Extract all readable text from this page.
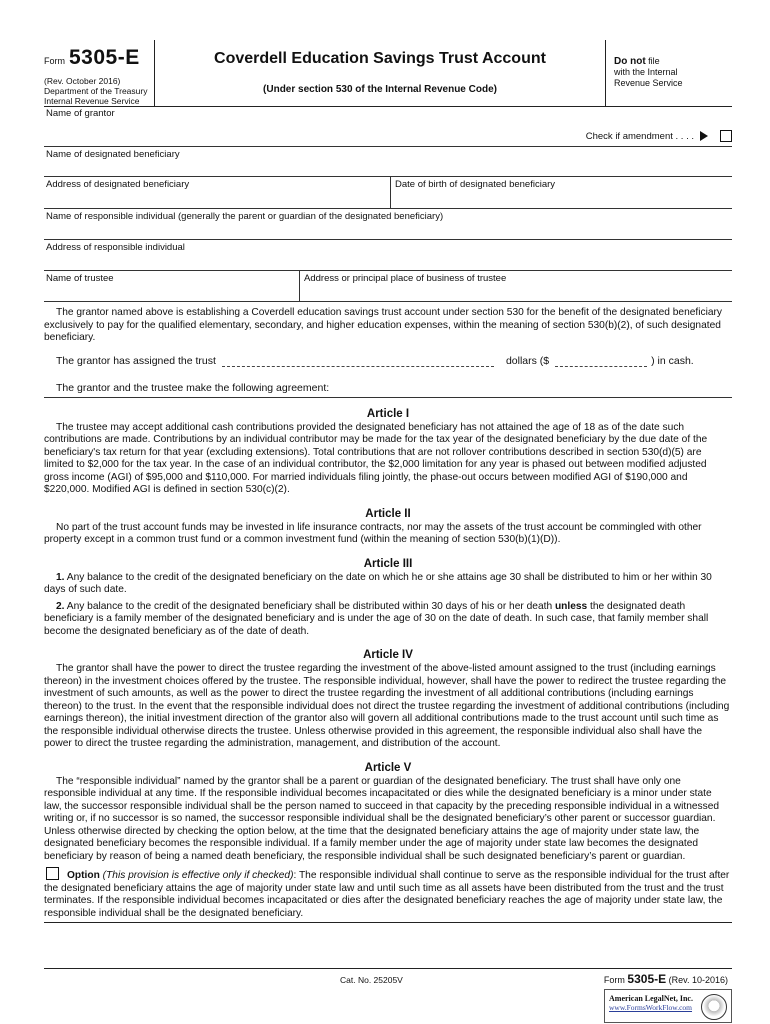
Form 5305-E
(Rev. October 2016)
Department of the Treasury
Internal Revenue Service
Coverdell Education Savings Trust Account
(Under section 530 of the Internal Revenue Code)
Do not file
with the Internal
Revenue Service
Name of grantor
Check if amendment . . . .
Name of designated beneficiary
Address of designated beneficiary	Date of birth of designated beneficiary
Name of responsible individual (generally the parent or guardian of the designated beneficiary)
Address of responsible individual
Name of trustee	Address or principal place of business of trustee

The grantor named above is establishing a Coverdell education savings trust account under section 530 for the benefit of the designated beneficiary exclusively to pay for the qualified elementary, secondary, and higher education expenses, within the meaning of section 530(b)(2), of such designated beneficiary.

The grantor has assigned the trust	dollars ($	) in cash.
The grantor and the trustee make the following agreement:
Article I

The trustee may accept additional cash contributions provided the designated beneficiary has not attained the age of 18 as of the date such contributions are made. Contributions by an individual contributor may be made for the tax year of the designated beneficiary by the due date of the beneficiary's tax return for that year (excluding extensions). Total contributions that are not rollover contributions described in section 530(d)(5) are limited to $2,000 for the tax year. In the case of an individual contributor, the $2,000 limitation for any year is phased out between modified adjusted gross income (AGI) of $95,000 and $110,000. For married individuals filing jointly, the phase-out occurs between modified AGI of $190,000 and $220,000. Modified AGI is defined in section 530(c)(2).

Article II

No part of the trust account funds may be invested in life insurance contracts, nor may the assets of the trust account be commingled with other property except in a common trust fund or a common investment fund (within the meaning of section 530(b)(1)(D)).

Article III

1. Any balance to the credit of the designated beneficiary on the date on which he or she attains age 30 shall be distributed to him or her within 30 days of such date.

2. Any balance to the credit of the designated beneficiary shall be distributed within 30 days of his or her death unless the designated death beneficiary is a family member of the designated beneficiary and is under the age of 30 on the date of death. In such case, that family member shall become the designated beneficiary as of the date of death.

Article IV

The grantor shall have the power to direct the trustee regarding the investment of the above-listed amount assigned to the trust (including earnings thereon) in the investment choices offered by the trustee. The responsible individual, however, shall have the power to redirect the trustee regarding the investment of such amounts, as well as the power to direct the trustee regarding the investment of all additional contributions (including earnings thereon) to the trust. In the event that the responsible individual does not direct the trustee regarding the investment of additional contributions (including earnings thereon), the initial investment direction of the grantor also will govern all additional contributions made to the trust account until such time as the responsible individual otherwise directs the trustee. Unless otherwise provided in this agreement, the responsible individual also shall have the power to direct the trustee regarding the administration, management, and distribution of the account.

Article V

The “responsible individual” named by the grantor shall be a parent or guardian of the designated beneficiary. The trust shall have only one responsible individual at any time. If the responsible individual becomes incapacitated or dies while the designated beneficiary is a minor under state law, the successor responsible individual shall be the person named to succeed in that capacity by the preceding responsible individual in a witnessed writing or, if no successor is so named, the successor responsible individual shall be the designated beneficiary’s other parent or successor guardian. Unless otherwise directed by checking the option below, at the time that the designated beneficiary attains the age of majority under state law, the designated beneficiary becomes the responsible individual. If a family member under the age of majority under state law becomes the designated beneficiary by reason of being a named death beneficiary, the responsible individual shall be such designated beneficiary’s parent or guardian.

Option (This provision is effective only if checked): The responsible individual shall continue to serve as the responsible individual for the trust after the designated beneficiary attains the age of majority under state law and until such time as all assets have been distributed from the trust and the trust terminates. If the responsible individual becomes incapacitated or dies after the designated beneficiary reaches the age of majority under state law, the responsible individual shall be the designated beneficiary.

Cat. No. 25205V	Form 5305-E (Rev. 10-2016)
American LegalNet, Inc.
www.FormsWorkFlow.com
